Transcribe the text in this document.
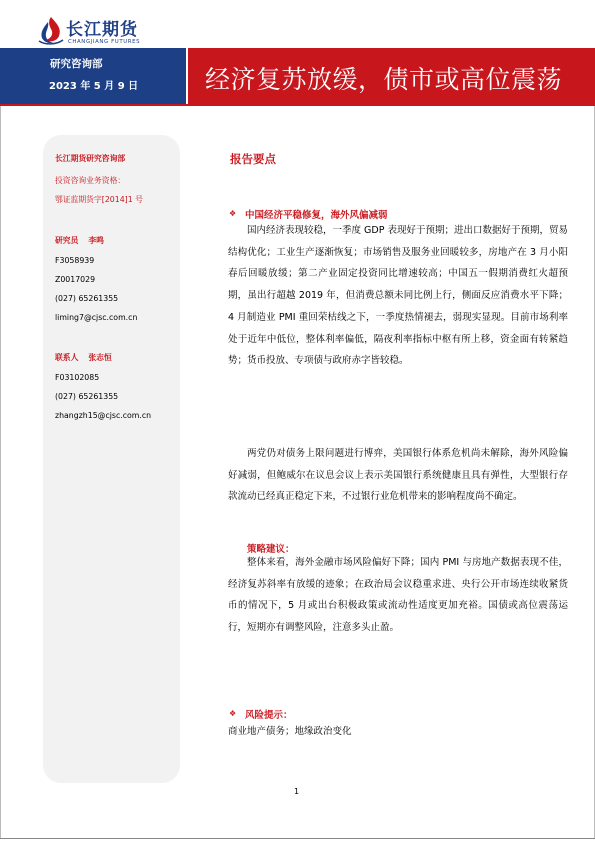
长江期货
CHANGJIANG FUTURES
研究咨询部
2023 年 5 月 9 日	经济复苏放缓，债市或高位震荡
长江期货研究咨询部
投资咨询业务资格：
鄂证监期货字[2014]1 号
研究员 李鸣
F3058939
Z0017029
(027) 65261355
liming7@cjsc.com.cn
联系人 张志恒
F03102085
(027) 65261355
zhangzh15@cjsc.com.cn
报告要点
❖ 中国经济平稳修复，海外风偏减弱
国内经济表现较稳，一季度 GDP 表现好于预期；进出口数据好于预期，贸易结构优化；工业生产逐渐恢复；市场销售及服务业回暖较多，房地产在 3 月小阳春后回暖放缓；第二产业固定投资同比增速较高；中国五一假期消费红火超预期，虽出行超越 2019 年，但消费总额未同比例上行，侧面反应消费水平下降；4 月制造业 PMI 重回荣枯线之下，一季度热情褪去，弱现实显现。目前市场利率处于近年中低位，整体利率偏低，隔夜利率指标中枢有所上移，资金面有转紧趋势；货币投放、专项债与政府赤字皆较稳。
两党仍对债务上限问题进行博弈，美国银行体系危机尚未解除，海外风险偏好减弱，但鲍威尔在议息会议上表示美国银行系统健康且具有弹性，大型银行存款流动已经真正稳定下来，不过银行业危机带来的影响程度尚不确定。
策略建议：
整体来看，海外金融市场风险偏好下降；国内 PMI 与房地产数据表现不佳，经济复苏斜率有放缓的迹象；在政治局会议稳重求进、央行公开市场连续收紧货币的情况下，5 月或出台积极政策或流动性适度更加充裕。国债或高位震荡运行，短期亦有调整风险，注意多头止盈。
❖ 风险提示：
商业地产债务；地缘政治变化
1
